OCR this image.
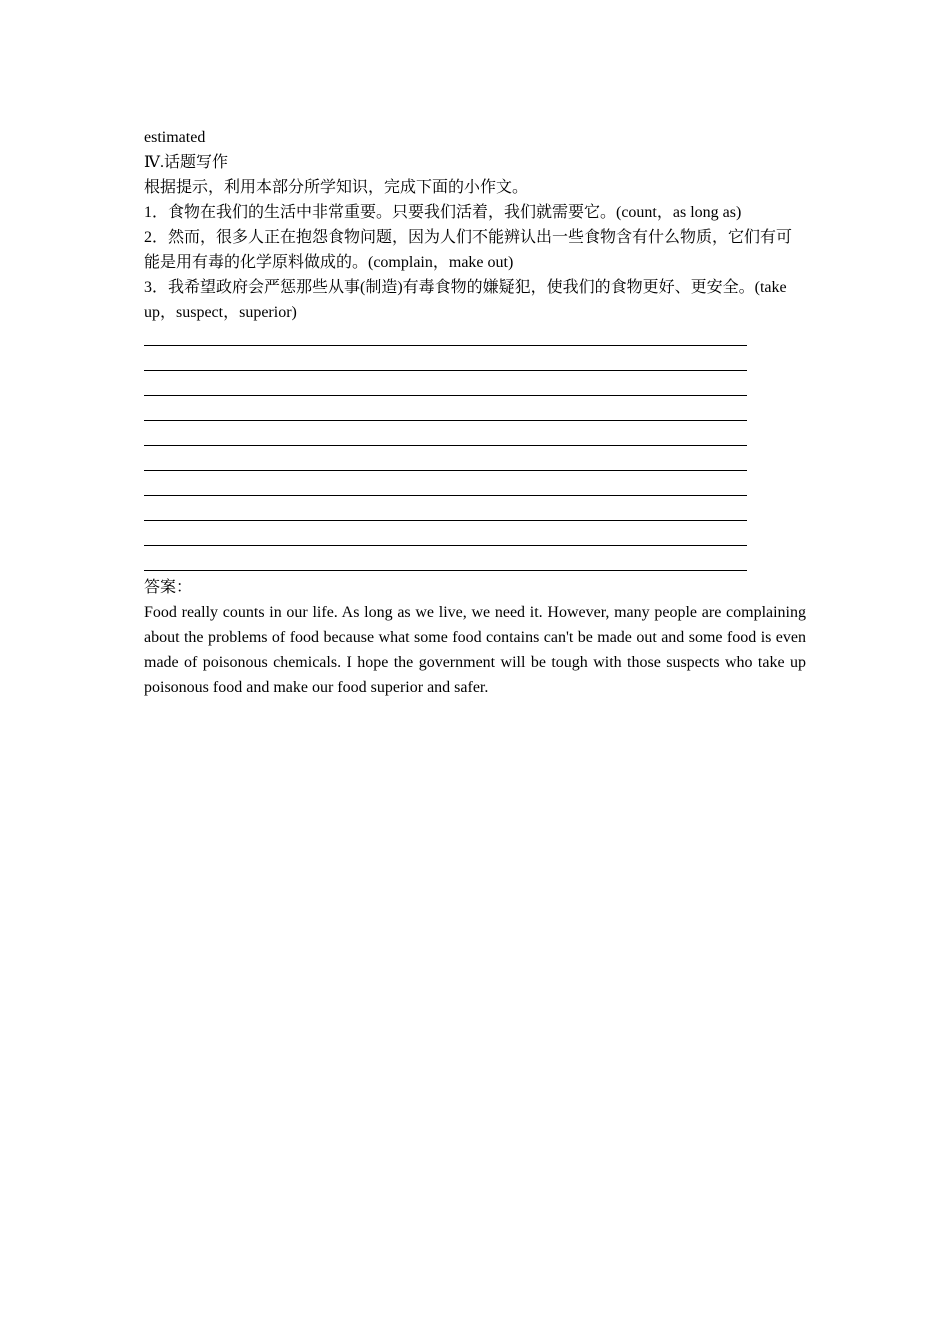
estimated
Ⅳ.话题写作
根据提示，利用本部分所学知识，完成下面的小作文。
1．食物在我们的生活中非常重要。只要我们活着，我们就需要它。(count，as long as)
2．然而，很多人正在抱怨食物问题，因为人们不能辨认出一些食物含有什么物质，它们有可能是用有毒的化学原料做成的。(complain，make out)
3．我希望政府会严惩那些从事(制造)有毒食物的嫌疑犯，使我们的食物更好、更安全。(take up，suspect，superior)
答案：
Food really counts in our life. As long as we live, we need it. However, many people are complaining about the problems of food because what some food contains can't be made out and some food is even made of poisonous chemicals. I hope the government will be tough with those suspects who take up poisonous food and make our food superior and safer.
